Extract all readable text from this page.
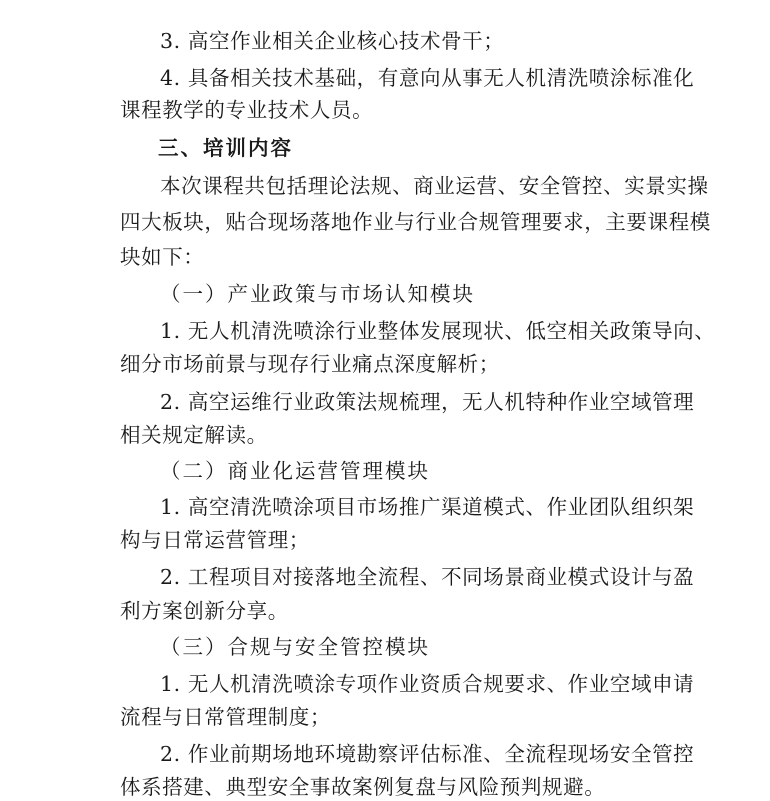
3. 高空作业相关企业核心技术骨干；
4. 具备相关技术基础，有意向从事无人机清洗喷涂标准化
课程教学的专业技术人员。
三、培训内容
本次课程共包括理论法规、商业运营、安全管控、实景实操
四大板块，贴合现场落地作业与行业合规管理要求，主要课程模
块如下：
（一）产业政策与市场认知模块
1. 无人机清洗喷涂行业整体发展现状、低空相关政策导向、
细分市场前景与现存行业痛点深度解析；
2. 高空运维行业政策法规梳理，无人机特种作业空域管理
相关规定解读。
（二）商业化运营管理模块
1. 高空清洗喷涂项目市场推广渠道模式、作业团队组织架
构与日常运营管理；
2. 工程项目对接落地全流程、不同场景商业模式设计与盈
利方案创新分享。
（三）合规与安全管控模块
1. 无人机清洗喷涂专项作业资质合规要求、作业空域申请
流程与日常管理制度；
2. 作业前期场地环境勘察评估标准、全流程现场安全管控
体系搭建、典型安全事故案例复盘与风险预判规避。
